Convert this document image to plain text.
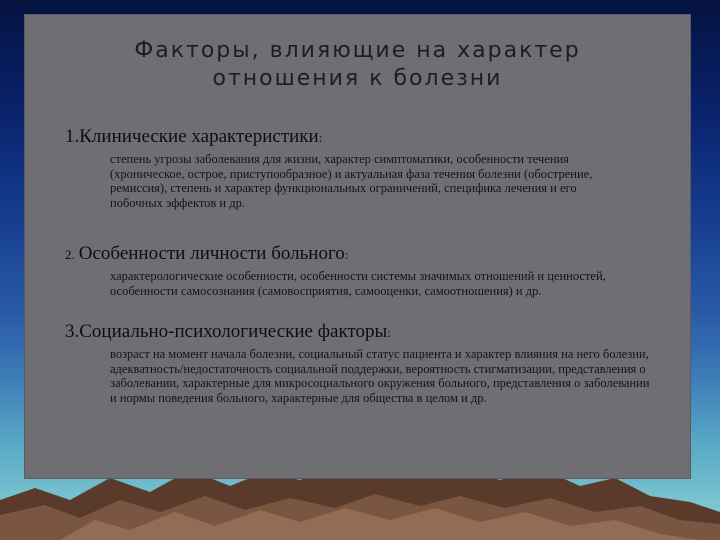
Факторы, влияющие на характер
отношения к болезни
1.Клинические характеристики:
степень угрозы заболевания для жизни, характер симптоматики, особенности течения (хроническое, острое, приступообразное) и актуальная фаза течения болезни (обострение, ремиссия), степень и характер функциональных ограничений, специфика лечения и его побочных эффектов и др.
2. Особенности личности больного:
характерологические особенности, особенности системы значимых отношений и ценностей, особенности самосознания (самовосприятия, самооценки, самоотношения) и др.
3.Социально-психологические факторы:
возраст на момент начала болезни, социальный статус пациента и характер влияния на него болезни, адекватность/недостаточность социальной поддержки, вероятность стигматизации, представления о заболевании, характерные для микросоциального окружения больного, представления о заболевании и нормы поведения больного, характерные для общества в целом и др.
